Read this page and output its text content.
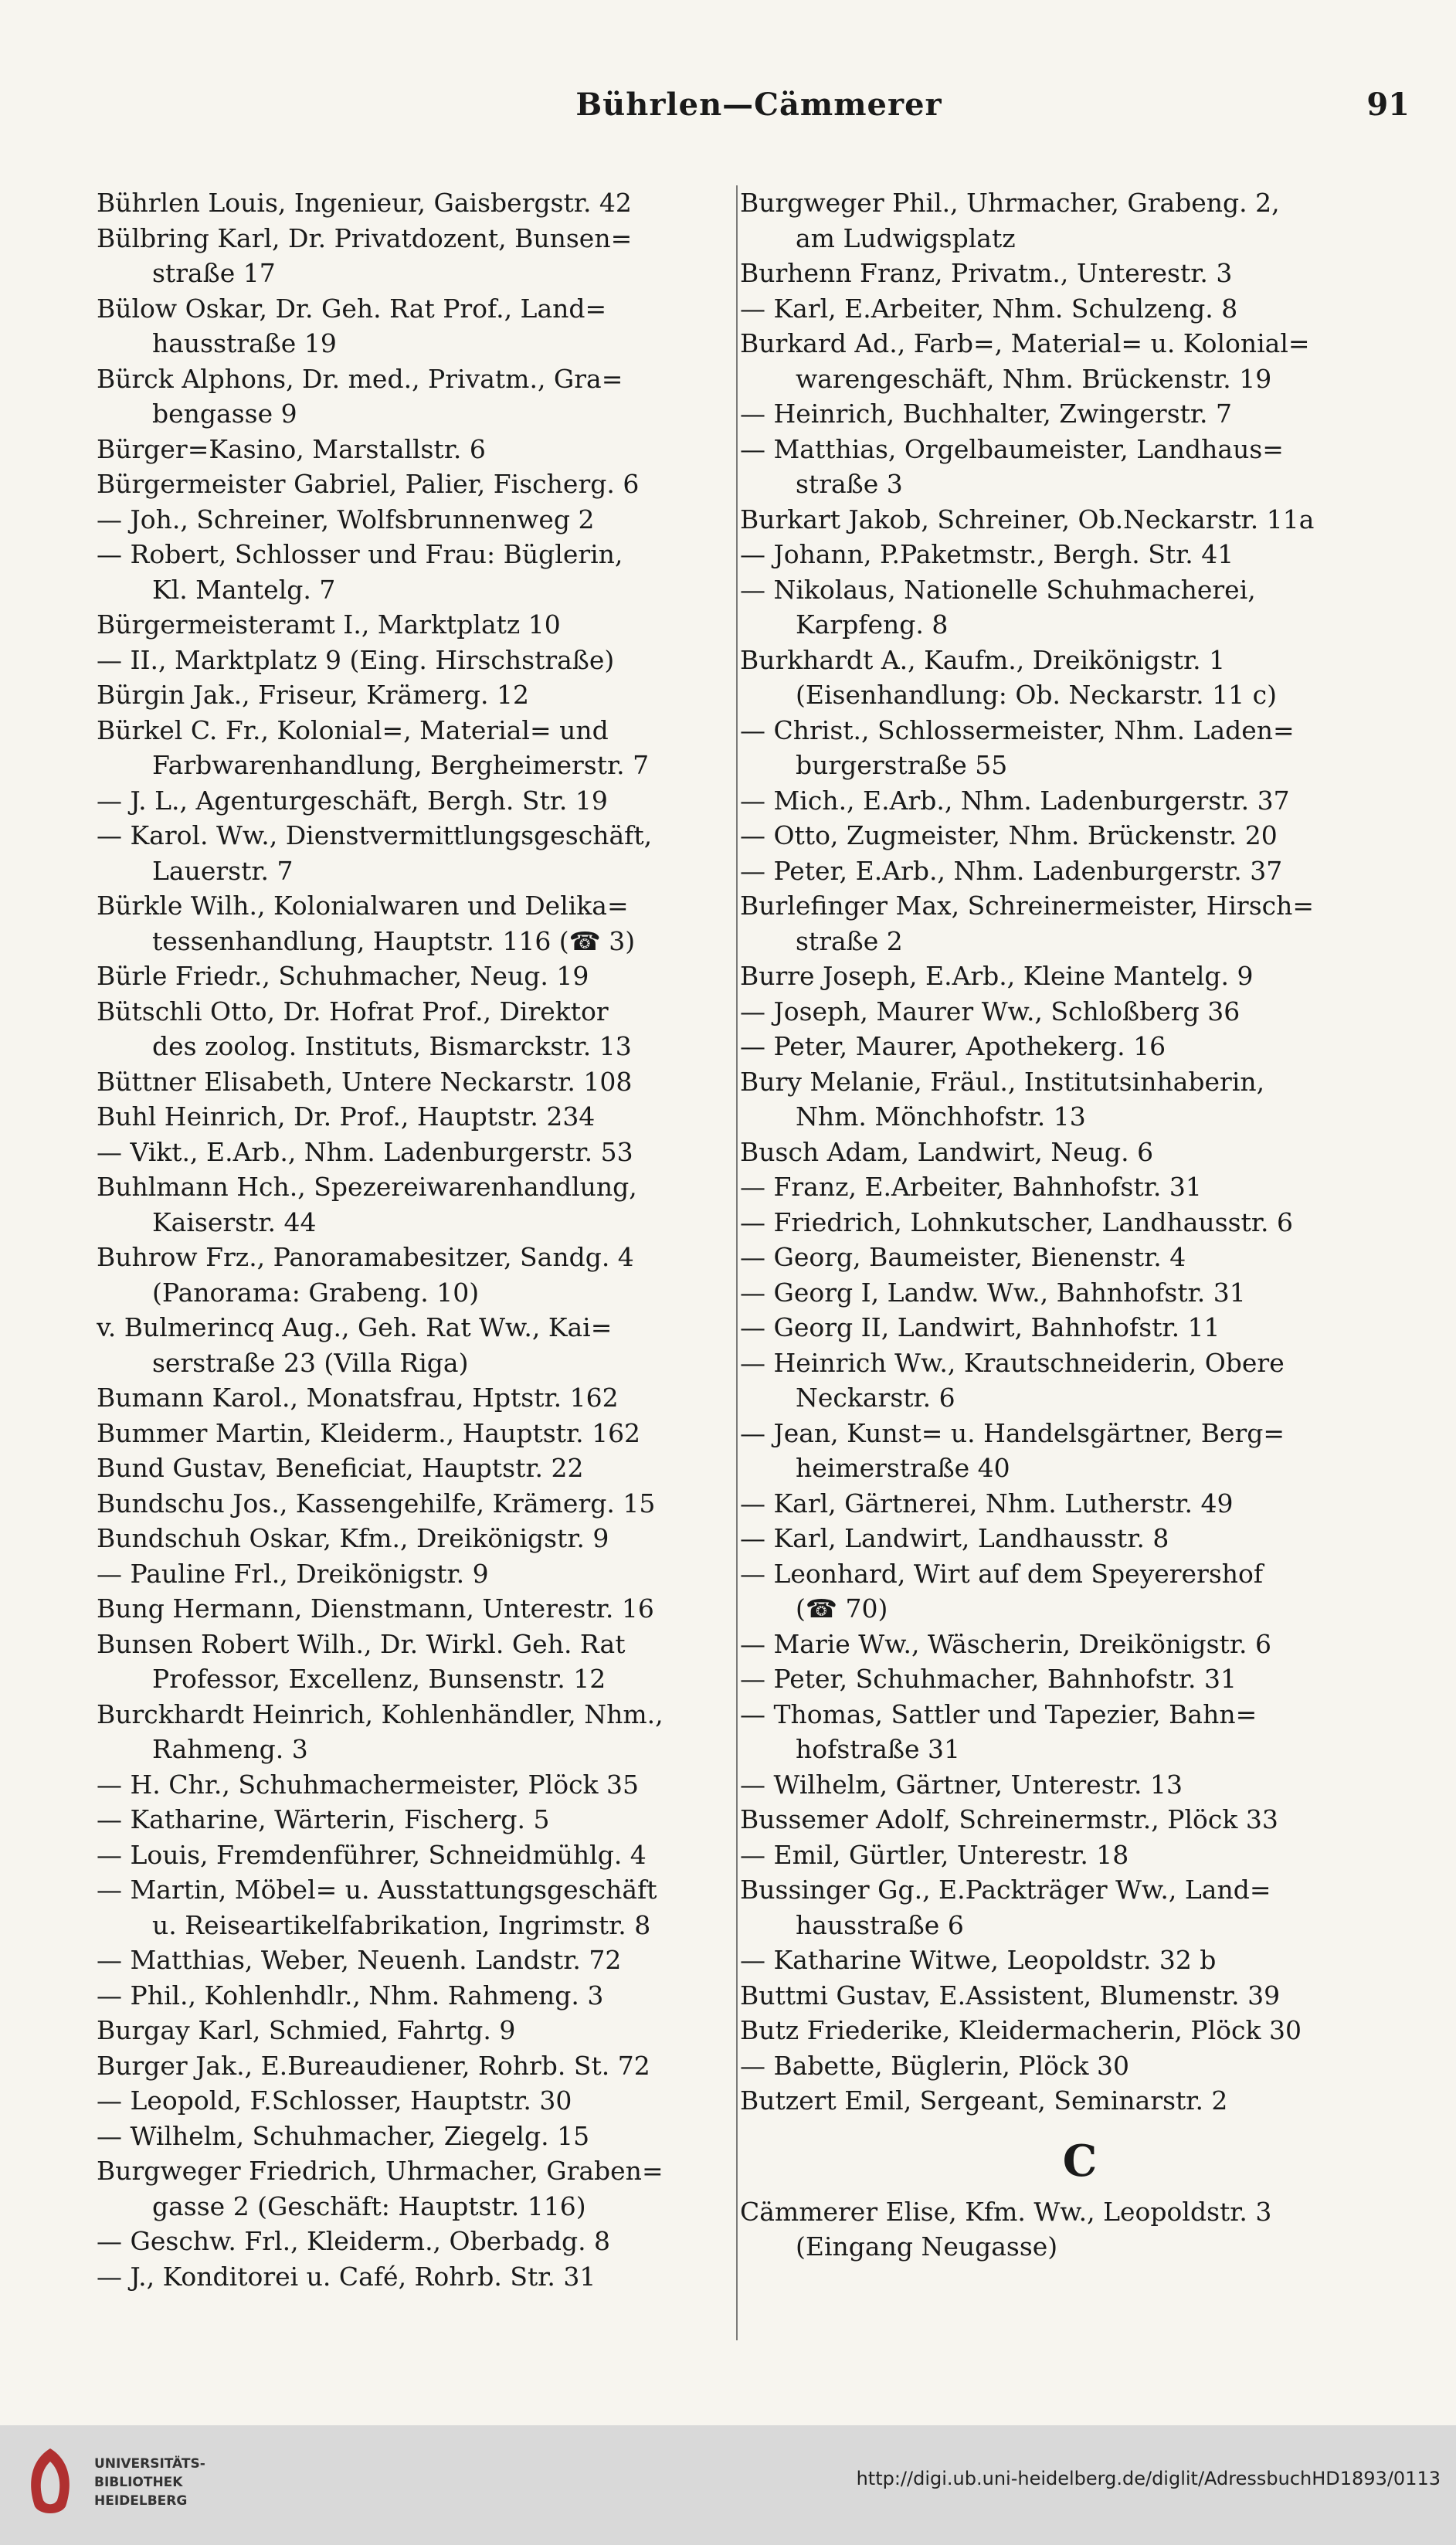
Bührlen—Cämmerer	91
Bührlen Louis, Ingenieur, Gaisbergstr. 42
Bülbring Karl, Dr. Privatdozent, Bunsen=
straße 17
Bülow Oskar, Dr. Geh. Rat Prof., Land=
hausstraße 19
Bürck Alphons, Dr. med., Privatm., Gra=
bengasse 9
Bürger=Kasino, Marstallstr. 6
Bürgermeister Gabriel, Palier, Fischerg. 6
— Joh., Schreiner, Wolfsbrunnenweg 2
— Robert, Schlosser und Frau: Büglerin,
Kl. Mantelg. 7
Bürgermeisteramt I., Marktplatz 10
— II., Marktplatz 9 (Eing. Hirschstraße)
Bürgin Jak., Friseur, Krämerg. 12
Bürkel C. Fr., Kolonial=, Material= und
Farbwarenhandlung, Bergheimerstr. 7
— J. L., Agenturgeschäft, Bergh. Str. 19
— Karol. Ww., Dienstvermittlungsgeschäft,
Lauerstr. 7
Bürkle Wilh., Kolonialwaren und Delika=
tessenhandlung, Hauptstr. 116 (☎ 3)
Bürle Friedr., Schuhmacher, Neug. 19
Bütschli Otto, Dr. Hofrat Prof., Direktor
des zoolog. Instituts, Bismarckstr. 13
Büttner Elisabeth, Untere Neckarstr. 108
Buhl Heinrich, Dr. Prof., Hauptstr. 234
— Vikt., E.Arb., Nhm. Ladenburgerstr. 53
Buhlmann Hch., Spezereiwarenhandlung,
Kaiserstr. 44
Buhrow Frz., Panoramabesitzer, Sandg. 4
(Panorama: Grabeng. 10)
v. Bulmerincq Aug., Geh. Rat Ww., Kai=
serstraße 23 (Villa Riga)
Bumann Karol., Monatsfrau, Hptstr. 162
Bummer Martin, Kleiderm., Hauptstr. 162
Bund Gustav, Beneficiat, Hauptstr. 22
Bundschu Jos., Kassengehilfe, Krämerg. 15
Bundschuh Oskar, Kfm., Dreikönigstr. 9
— Pauline Frl., Dreikönigstr. 9
Bung Hermann, Dienstmann, Unterestr. 16
Bunsen Robert Wilh., Dr. Wirkl. Geh. Rat
Professor, Excellenz, Bunsenstr. 12
Burckhardt Heinrich, Kohlenhändler, Nhm.,
Rahmeng. 3
— H. Chr., Schuhmachermeister, Plöck 35
— Katharine, Wärterin, Fischerg. 5
— Louis, Fremdenführer, Schneidmühlg. 4
— Martin, Möbel= u. Ausstattungsgeschäft
u. Reiseartikelfabrikation, Ingrimstr. 8
— Matthias, Weber, Neuenh. Landstr. 72
— Phil., Kohlenhdlr., Nhm. Rahmeng. 3
Burgay Karl, Schmied, Fahrtg. 9
Burger Jak., E.Bureaudiener, Rohrb. St. 72
— Leopold, F.Schlosser, Hauptstr. 30
— Wilhelm, Schuhmacher, Ziegelg. 15
Burgweger Friedrich, Uhrmacher, Graben=
gasse 2 (Geschäft: Hauptstr. 116)
— Geschw. Frl., Kleiderm., Oberbadg. 8
— J., Konditorei u. Café, Rohrb. Str. 31
Burgweger Phil., Uhrmacher, Grabeng. 2,
am Ludwigsplatz
Burhenn Franz, Privatm., Unterestr. 3
— Karl, E.Arbeiter, Nhm. Schulzeng. 8
Burkard Ad., Farb=, Material= u. Kolonial=
warengeschäft, Nhm. Brückenstr. 19
— Heinrich, Buchhalter, Zwingerstr. 7
— Matthias, Orgelbaumeister, Landhaus=
straße 3
Burkart Jakob, Schreiner, Ob.Neckarstr. 11a
— Johann, P.Paketmstr., Bergh. Str. 41
— Nikolaus, Nationelle Schuhmacherei,
Karpfeng. 8
Burkhardt A., Kaufm., Dreikönigstr. 1
(Eisenhandlung: Ob. Neckarstr. 11 c)
— Christ., Schlossermeister, Nhm. Laden=
burgerstraße 55
— Mich., E.Arb., Nhm. Ladenburgerstr. 37
— Otto, Zugmeister, Nhm. Brückenstr. 20
— Peter, E.Arb., Nhm. Ladenburgerstr. 37
Burlefinger Max, Schreinermeister, Hirsch=
straße 2
Burre Joseph, E.Arb., Kleine Mantelg. 9
— Joseph, Maurer Ww., Schloßberg 36
— Peter, Maurer, Apothekerg. 16
Bury Melanie, Fräul., Institutsinhaberin,
Nhm. Mönchhofstr. 13
Busch Adam, Landwirt, Neug. 6
— Franz, E.Arbeiter, Bahnhofstr. 31
— Friedrich, Lohnkutscher, Landhausstr. 6
— Georg, Baumeister, Bienenstr. 4
— Georg I, Landw. Ww., Bahnhofstr. 31
— Georg II, Landwirt, Bahnhofstr. 11
— Heinrich Ww., Krautschneiderin, Obere
Neckarstr. 6
— Jean, Kunst= u. Handelsgärtner, Berg=
heimerstraße 40
— Karl, Gärtnerei, Nhm. Lutherstr. 49
— Karl, Landwirt, Landhausstr. 8
— Leonhard, Wirt auf dem Speyerershof
(☎ 70)
— Marie Ww., Wäscherin, Dreikönigstr. 6
— Peter, Schuhmacher, Bahnhofstr. 31
— Thomas, Sattler und Tapezier, Bahn=
hofstraße 31
— Wilhelm, Gärtner, Unterestr. 13
Bussemer Adolf, Schreinermstr., Plöck 33
— Emil, Gürtler, Unterestr. 18
Bussinger Gg., E.Packträger Ww., Land=
hausstraße 6
— Katharine Witwe, Leopoldstr. 32 b
Buttmi Gustav, E.Assistent, Blumenstr. 39
Butz Friederike, Kleidermacherin, Plöck 30
— Babette, Büglerin, Plöck 30
Butzert Emil, Sergeant, Seminarstr. 2
C
Cämmerer Elise, Kfm. Ww., Leopoldstr. 3
(Eingang Neugasse)
UNIVERSITÄTS-
BIBLIOTHEK
HEIDELBERG
http://digi.ub.uni-heidelberg.de/diglit/AdressbuchHD1893/0113
